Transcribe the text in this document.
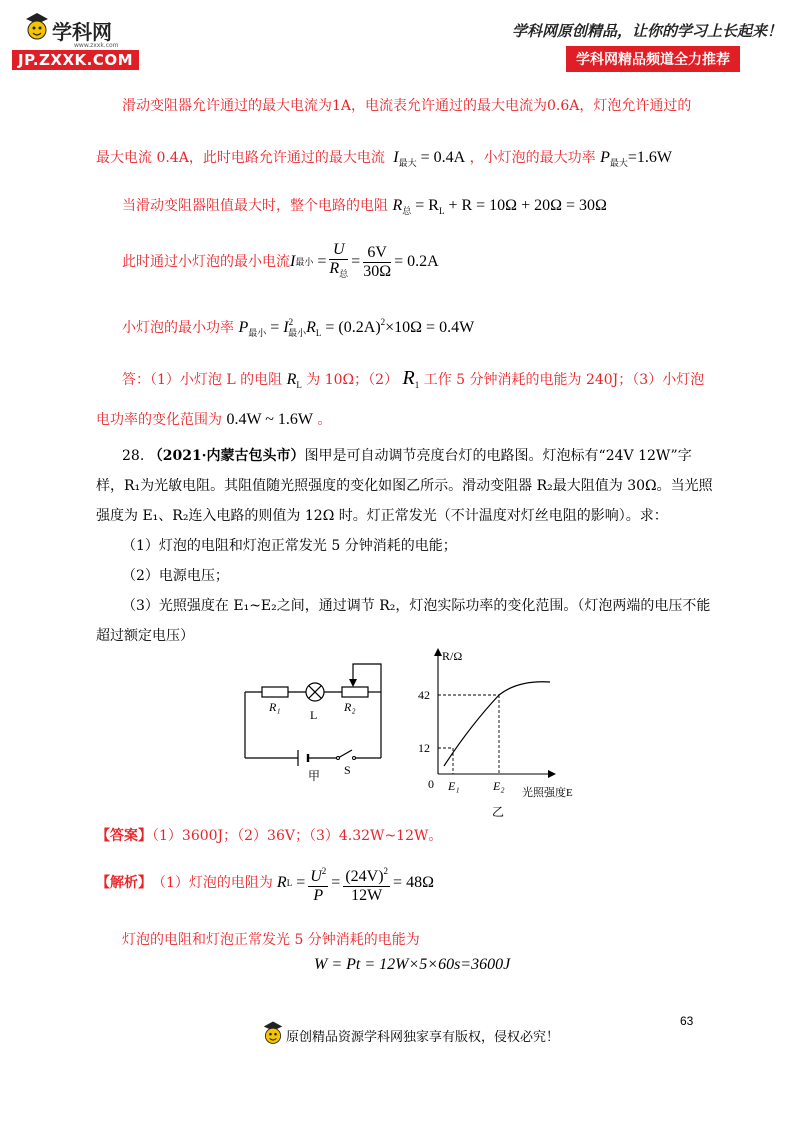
学科网
www.zxxk.com
JP.ZXXK.COM
学科网原创精品，让你的学习上长起来！
学科网精品频道全力推荐
滑动变阻器允许通过的最大电流为1A，电流表允许通过的最大电流为0.6A，灯泡允许通过的
最大电流 0.4A，此时电路允许通过的最大电流 $I_{最大} = 0.4A$ ，小灯泡的最大功率 $P_{最大}=1.6W$
当滑动变阻器阻值最大时，整个电路的电阻 $R_总 = R_L + R = 10\Omega + 20\Omega = 30\Omega$
此时通过小灯泡的最小电流 I 最小 = $\frac{U}{R_总} = \frac{6V}{30\Omega} = 0.2A$
小灯泡的最小功率 $P_{最小} = I^2_{最小}R_L = (0.2A)^2\times 10\Omega = 0.4W$
答：（1）小灯泡 L 的电阻 $R_L$ 为 10Ω；（2） $R_1$ 工作 5 分钟消耗的电能为 240J；（3）小灯泡
电功率的变化范围为 0.4W ~ 1.6W 。
28. （2021·内蒙古包头市）图甲是可自动调节亮度台灯的电路图。灯泡标有“24V 12W”字
样，R₁为光敏电阻。其阻值随光照强度的变化如图乙所示。滑动变阻器 R₂最大阻值为 30Ω。当光照
强度为 E₁、R₂连入电路的则值为 12Ω 时。灯正常发光（不计温度对灯丝电阻的影响）。求：
（1）灯泡的电阻和灯泡正常发光 5 分钟消耗的电能；
（2）电源电压；
（3）光照强度在 E₁~E₂之间，通过调节 R₂，灯泡实际功率的变化范围。（灯泡两端的电压不能
超过额定电压）
R₁	R₂
L
S
甲
R/Ω
42
12
0 E₁	E₂ 光照强度E
乙
【答案】（1）3600J；（2）36V；（3）4.32W~12W。
【解析】 （1）灯泡的电阻为 R $L = \frac{U^2}{P} = \frac{(24V)^2}{12W} = 48\Omega$
灯泡的电阻和灯泡正常发光 5 分钟消耗的电能为
W = Pt = 12W×5×60s=3600J
63
原创精品资源学科网独家享有版权，侵权必究！
